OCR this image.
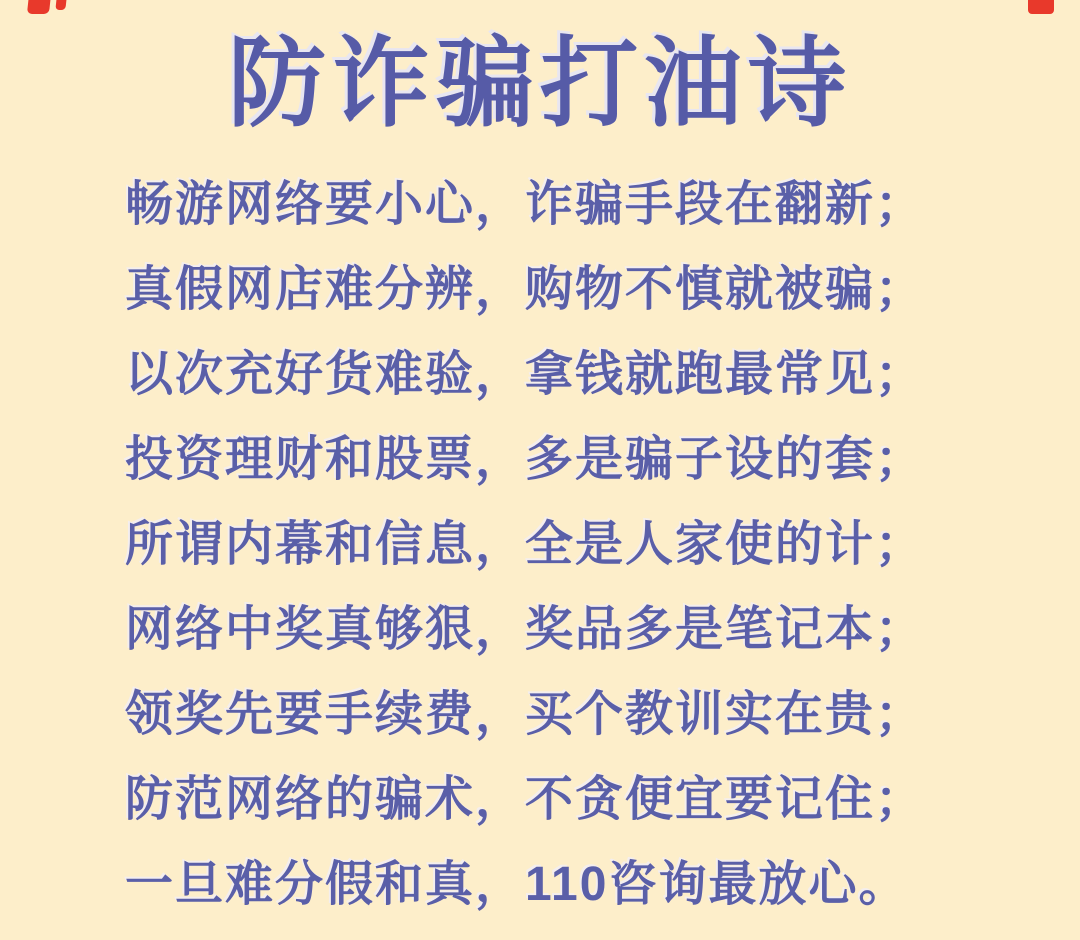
防诈骗打油诗
畅游网络要小心，诈骗手段在翻新；
真假网店难分辨，购物不慎就被骗；
以次充好货难验，拿钱就跑最常见；
投资理财和股票，多是骗子设的套；
所谓内幕和信息，全是人家使的计；
网络中奖真够狠，奖品多是笔记本；
领奖先要手续费，买个教训实在贵；
防范网络的骗术，不贪便宜要记住；
一旦难分假和真，110咨询最放心。
